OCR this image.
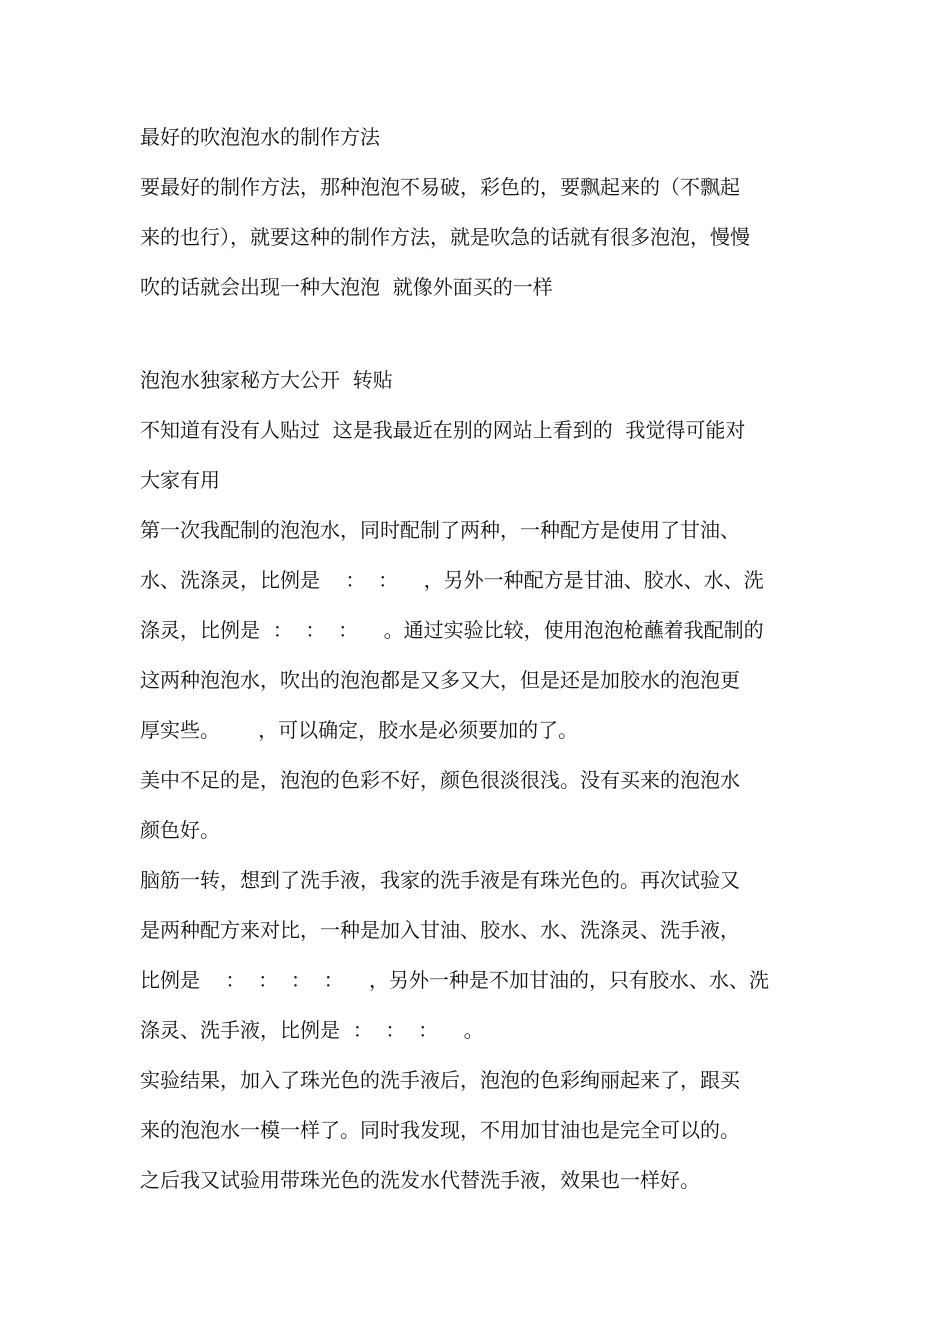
最好的吹泡泡水的制作方法

要最好的制作方法，那种泡泡不易破，彩色的，要飘起来的（不飘起

来的也行），就要这种的制作方法，就是吹急的话就有很多泡泡，慢慢

吹的话就会出现一种大泡泡  就像外面买的一样

泡泡水独家秘方大公开  转贴

不知道有没有人贴过  这是我最近在别的网站上看到的  我觉得可能对

大家有用

第一次我配制的泡泡水，同时配制了两种，一种配方是使用了甘油、

水、洗涤灵，比例是    ：  ：    ，另外一种配方是甘油、胶水、水、洗

涤灵，比例是  ：  ：  ：    。通过实验比较，使用泡泡枪蘸着我配制的

这两种泡泡水，吹出的泡泡都是又多又大，但是还是加胶水的泡泡更

厚实些。      ，可以确定，胶水是必须要加的了。

美中不足的是，泡泡的色彩不好，颜色很淡很浅。没有买来的泡泡水

颜色好。

脑筋一转，想到了洗手液，我家的洗手液是有珠光色的。再次试验又

是两种配方来对比，一种是加入甘油、胶水、水、洗涤灵、洗手液，

比例是    ：  ：  ：  ：    ，另外一种是不加甘油的，只有胶水、水、洗

涤灵、洗手液，比例是  ：  ：  ：    。

实验结果，加入了珠光色的洗手液后，泡泡的色彩绚丽起来了，跟买

来的泡泡水一模一样了。同时我发现，不用加甘油也是完全可以的。

之后我又试验用带珠光色的洗发水代替洗手液，效果也一样好。
